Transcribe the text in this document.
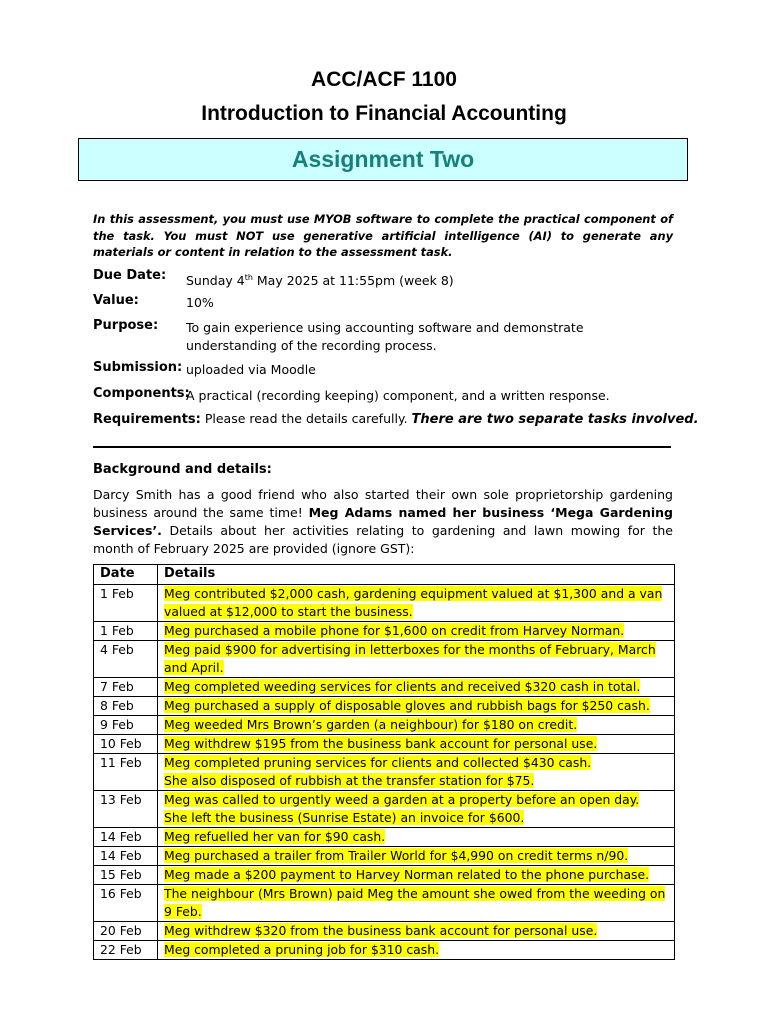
ACC/ACF 1100
Introduction to Financial Accounting
Assignment Two
In this assessment, you must use MYOB software to complete the practical component of the task. You must NOT use generative artificial intelligence (AI) to generate any materials or content in relation to the assessment task.
Due Date: Sunday 4th May 2025 at 11:55pm (week 8)
Value:	10%
Purpose: To gain experience using accounting software and demonstrate understanding of the recording process.
Submission: uploaded via Moodle
Components:
A practical (recording keeping) component, and a written response.
Requirements: Please read the details carefully. There are two separate tasks involved.
Background and details:
Darcy Smith has a good friend who also started their own sole proprietorship gardening business around the same time! Meg Adams named her business ‘Mega Gardening Services’. Details about her activities relating to gardening and lawn mowing for the month of February 2025 are provided (ignore GST):
Date	Details
1 Feb	Meg contributed $2,000 cash, gardening equipment valued at $1,300 and a van valued at $12,000 to start the business.
1 Feb	Meg purchased a mobile phone for $1,600 on credit from Harvey Norman.
4 Feb	Meg paid $900 for advertising in letterboxes for the months of February, March and April.
7 Feb	Meg completed weeding services for clients and received $320 cash in total.
8 Feb	Meg purchased a supply of disposable gloves and rubbish bags for $250 cash.
9 Feb	Meg weeded Mrs Brown’s garden (a neighbour) for $180 on credit.
10 Feb	Meg withdrew $195 from the business bank account for personal use.
11 Feb	Meg completed pruning services for clients and collected $430 cash.
She also disposed of rubbish at the transfer station for $75.
13 Feb	Meg was called to urgently weed a garden at a property before an open day.
She left the business (Sunrise Estate) an invoice for $600.
14 Feb	Meg refuelled her van for $90 cash.
14 Feb	Meg purchased a trailer from Trailer World for $4,990 on credit terms n/90.
15 Feb	Meg made a $200 payment to Harvey Norman related to the phone purchase.
16 Feb	The neighbour (Mrs Brown) paid Meg the amount she owed from the weeding on 9 Feb.
20 Feb	Meg withdrew $320 from the business bank account for personal use.
22 Feb	Meg completed a pruning job for $310 cash.
